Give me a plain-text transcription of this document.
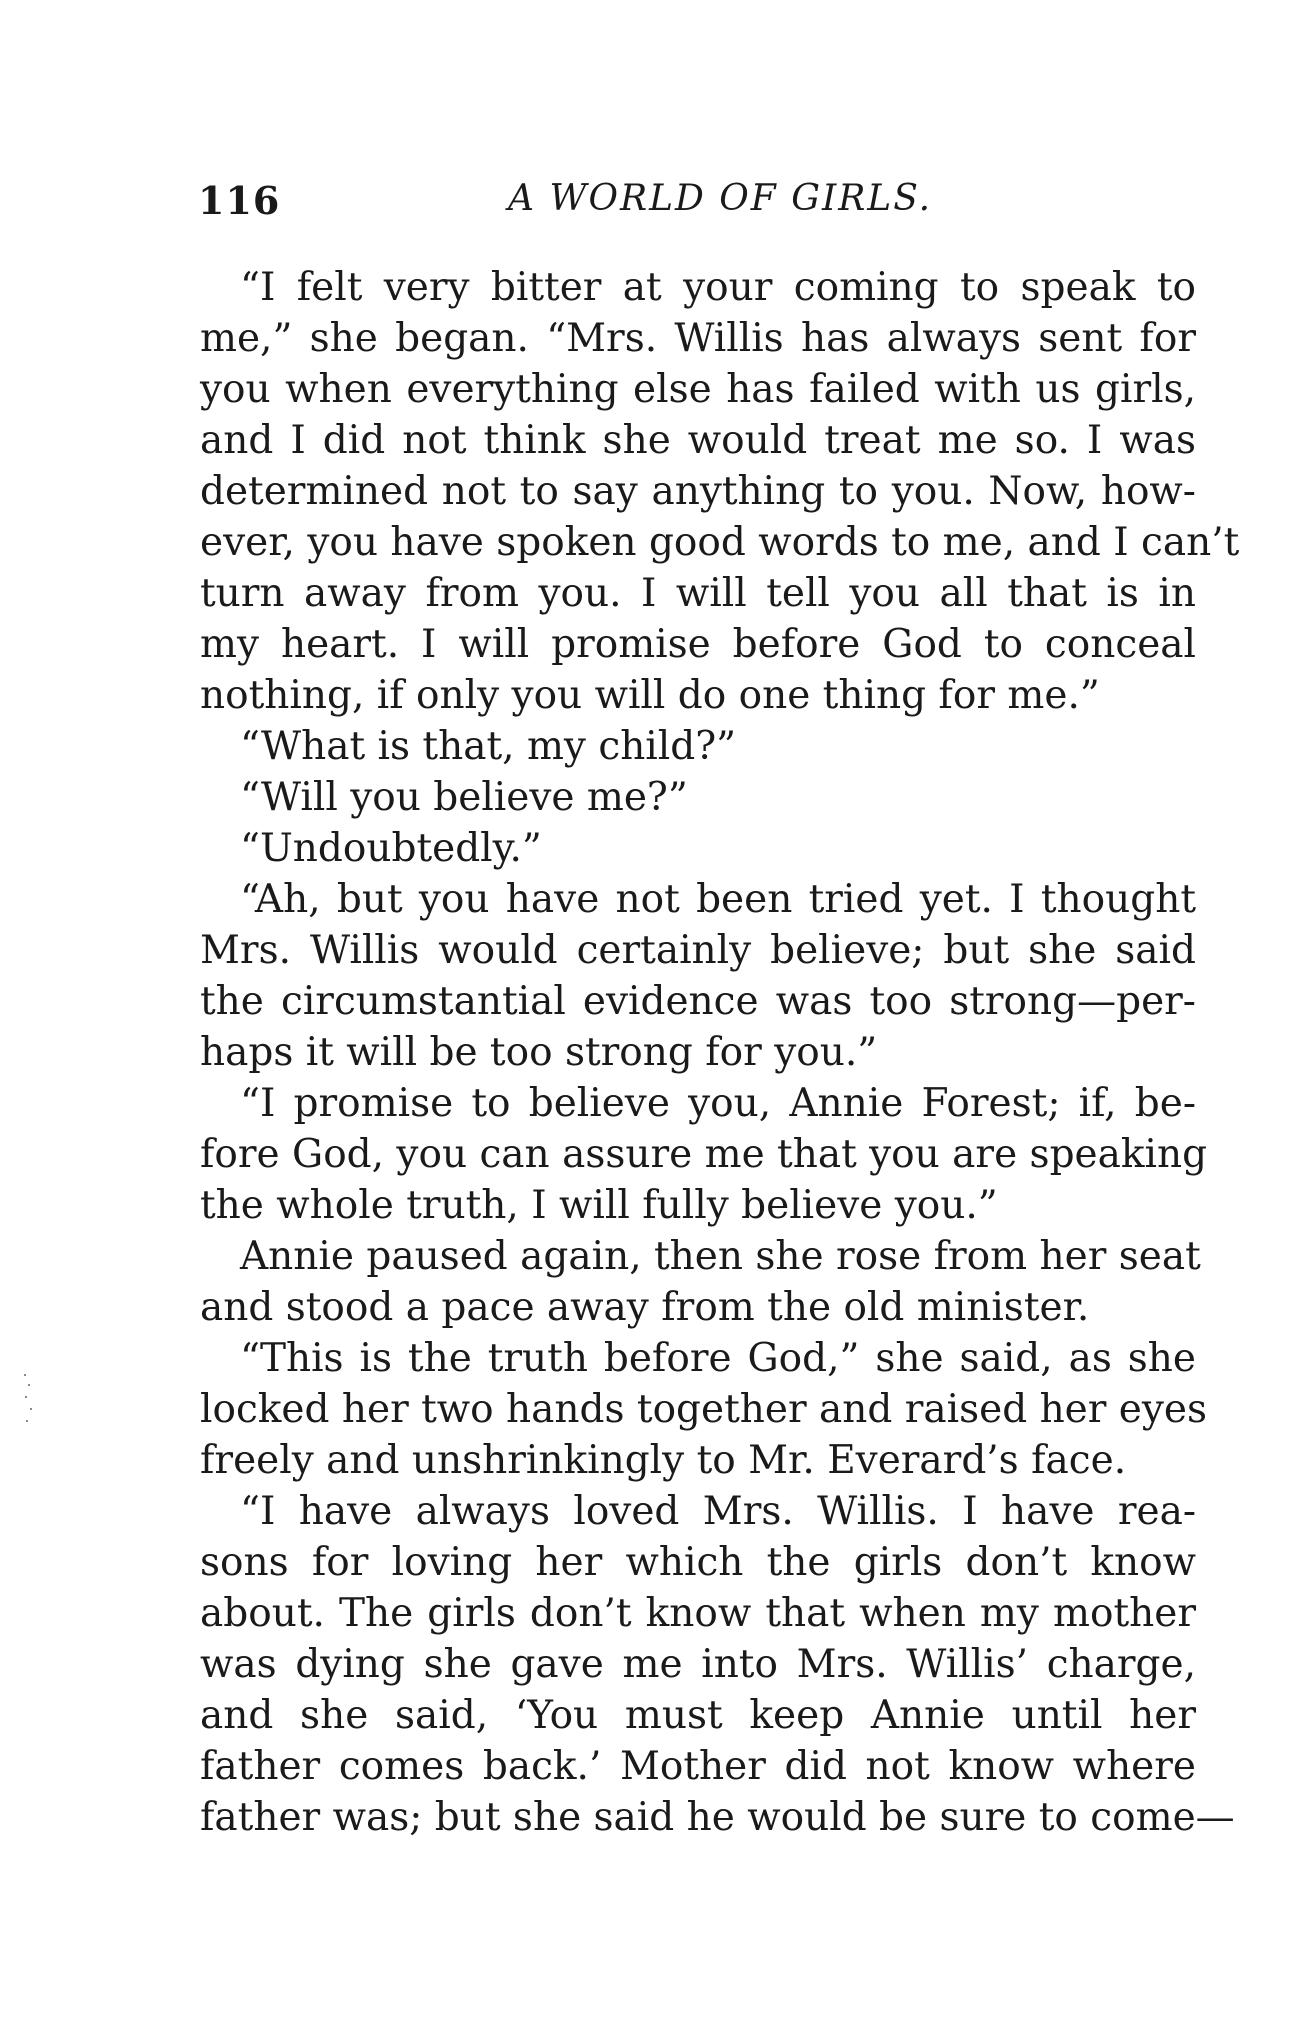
116	A WORLD OF GIRLS.
“I felt very bitter at your coming to speak to
me,” she began. “Mrs. Willis has always sent for
you when everything else has failed with us girls,
and I did not think she would treat me so. I was
determined not to say anything to you. Now, how-
ever, you have spoken good words to me, and I can’t
turn away from you. I will tell you all that is in
my heart. I will promise before God to conceal
nothing, if only you will do one thing for me.”
“What is that, my child?”
“Will you believe me?”
“Undoubtedly.”
“Ah, but you have not been tried yet. I thought
Mrs. Willis would certainly believe; but she said
the circumstantial evidence was too strong—per-
haps it will be too strong for you.”
“I promise to believe you, Annie Forest; if, be-
fore God, you can assure me that you are speaking
the whole truth, I will fully believe you.”
Annie paused again, then she rose from her seat
and stood a pace away from the old minister.
“This is the truth before God,” she said, as she
locked her two hands together and raised her eyes
freely and unshrinkingly to Mr. Everard’s face.
“I have always loved Mrs. Willis. I have rea-
sons for loving her which the girls don’t know
about. The girls don’t know that when my mother
was dying she gave me into Mrs. Willis’ charge,
and she said, ‘You must keep Annie until her
father comes back.’ Mother did not know where
father was; but she said he would be sure to come—
